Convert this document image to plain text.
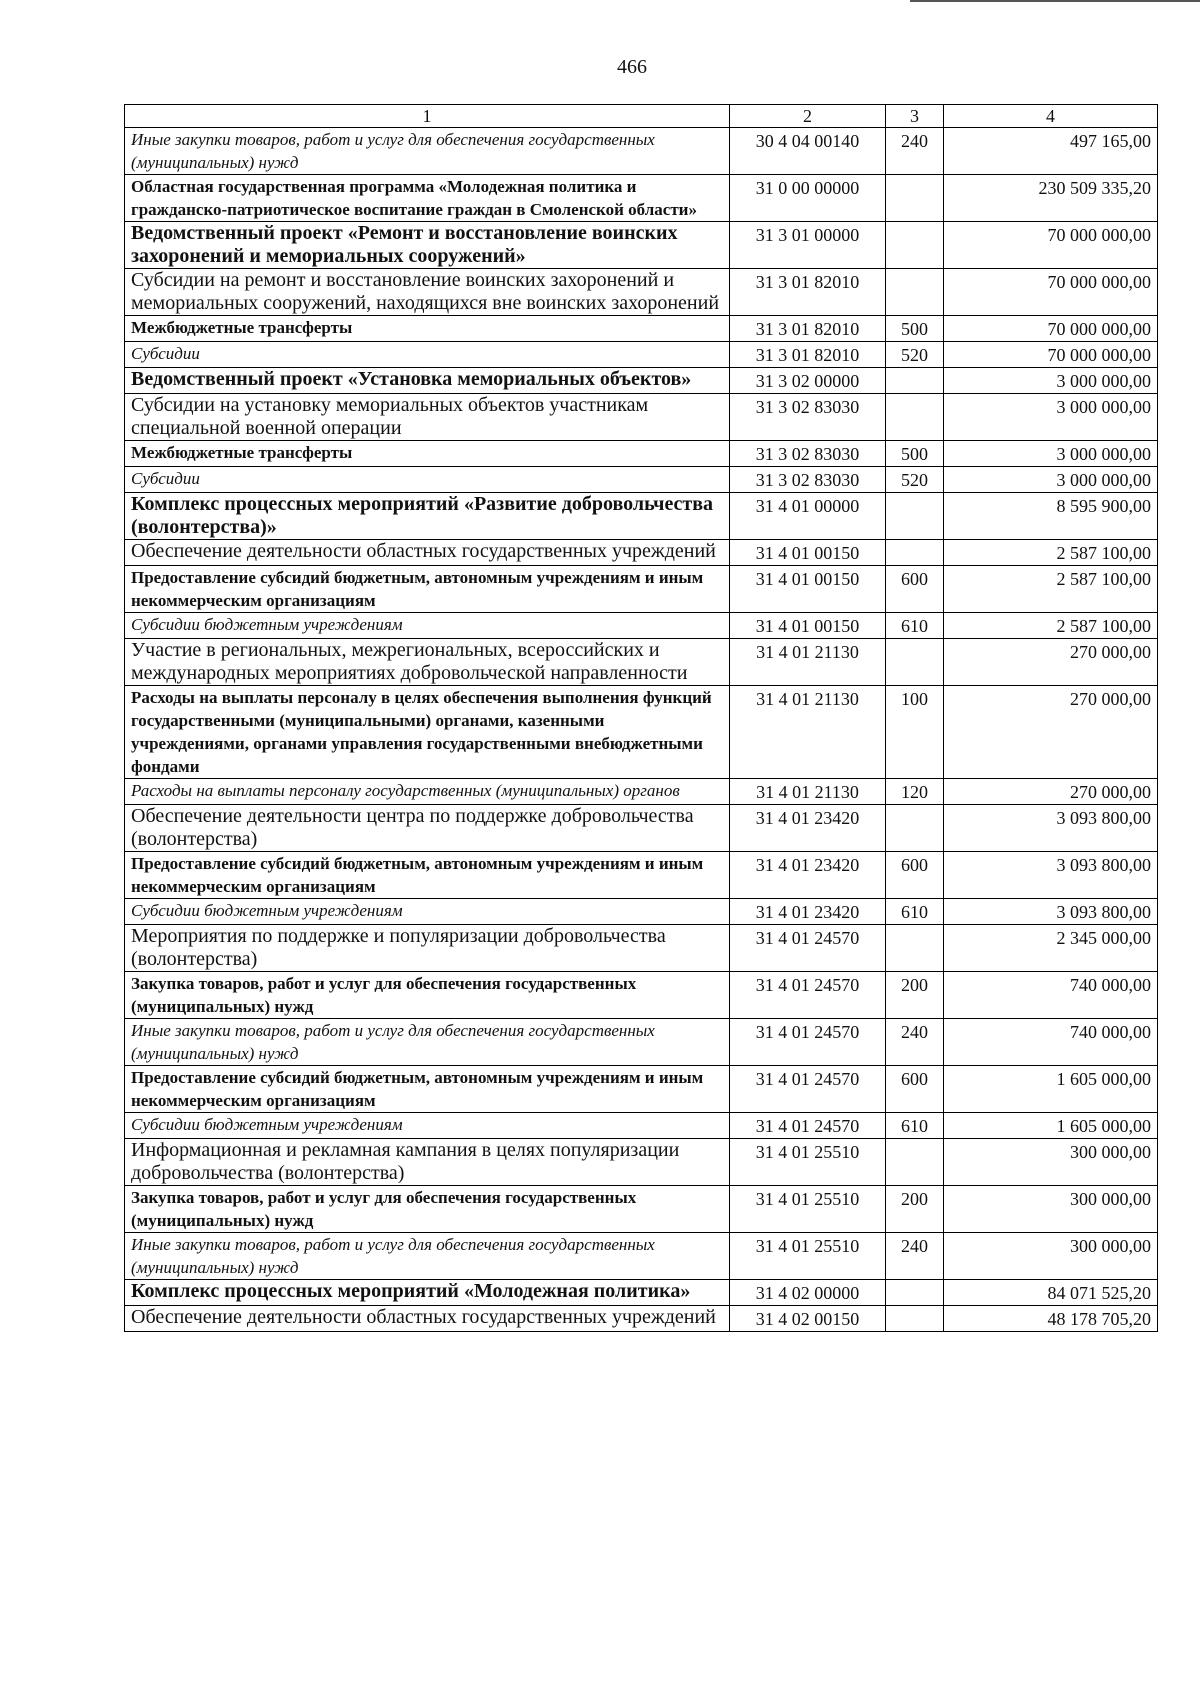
466
1	2	3	4
Иные закупки товаров, работ и услуг для обеспечения государственных (муниципальных) нужд	30 4 04 00140	240	497 165,00
Областная государственная программа «Молодежная политика и гражданско-патриотическое воспитание граждан в Смоленской области»	31 0 00 00000		230 509 335,20
Ведомственный проект «Ремонт и восстановление воинских захоронений и мемориальных сооружений»	31 3 01 00000		70 000 000,00
Субсидии на ремонт и восстановление воинских захоронений и мемориальных сооружений, находящихся вне воинских захоронений	31 3 01 82010		70 000 000,00
Межбюджетные трансферты	31 3 01 82010	500	70 000 000,00
Субсидии	31 3 01 82010	520	70 000 000,00
Ведомственный проект «Установка мемориальных объектов»	31 3 02 00000		3 000 000,00
Субсидии на установку мемориальных объектов участникам специальной военной операции	31 3 02 83030		3 000 000,00
Межбюджетные трансферты	31 3 02 83030	500	3 000 000,00
Субсидии	31 3 02 83030	520	3 000 000,00
Комплекс процессных мероприятий «Развитие добровольчества (волонтерства)»	31 4 01 00000		8 595 900,00
Обеспечение деятельности областных государственных учреждений	31 4 01 00150		2 587 100,00
Предоставление субсидий бюджетным, автономным учреждениям и иным некоммерческим организациям	31 4 01 00150	600	2 587 100,00
Субсидии бюджетным учреждениям	31 4 01 00150	610	2 587 100,00
Участие в региональных, межрегиональных, всероссийских и международных мероприятиях добровольческой направленности	31 4 01 21130		270 000,00
Расходы на выплаты персоналу в целях обеспечения выполнения функций государственными (муниципальными) органами, казенными учреждениями, органами управления государственными внебюджетными фондами	31 4 01 21130	100	270 000,00
Расходы на выплаты персоналу государственных (муниципальных) органов	31 4 01 21130	120	270 000,00
Обеспечение деятельности центра по поддержке добровольчества (волонтерства)	31 4 01 23420		3 093 800,00
Предоставление субсидий бюджетным, автономным учреждениям и иным некоммерческим организациям	31 4 01 23420	600	3 093 800,00
Субсидии бюджетным учреждениям	31 4 01 23420	610	3 093 800,00
Мероприятия по поддержке и популяризации добровольчества (волонтерства)	31 4 01 24570		2 345 000,00
Закупка товаров, работ и услуг для обеспечения государственных (муниципальных) нужд	31 4 01 24570	200	740 000,00
Иные закупки товаров, работ и услуг для обеспечения государственных (муниципальных) нужд	31 4 01 24570	240	740 000,00
Предоставление субсидий бюджетным, автономным учреждениям и иным некоммерческим организациям	31 4 01 24570	600	1 605 000,00
Субсидии бюджетным учреждениям	31 4 01 24570	610	1 605 000,00
Информационная и рекламная кампания в целях популяризации добровольчества (волонтерства)	31 4 01 25510		300 000,00
Закупка товаров, работ и услуг для обеспечения государственных (муниципальных) нужд	31 4 01 25510	200	300 000,00
Иные закупки товаров, работ и услуг для обеспечения государственных (муниципальных) нужд	31 4 01 25510	240	300 000,00
Комплекс процессных мероприятий «Молодежная политика»	31 4 02 00000		84 071 525,20
Обеспечение деятельности областных государственных учреждений	31 4 02 00150		48 178 705,20
